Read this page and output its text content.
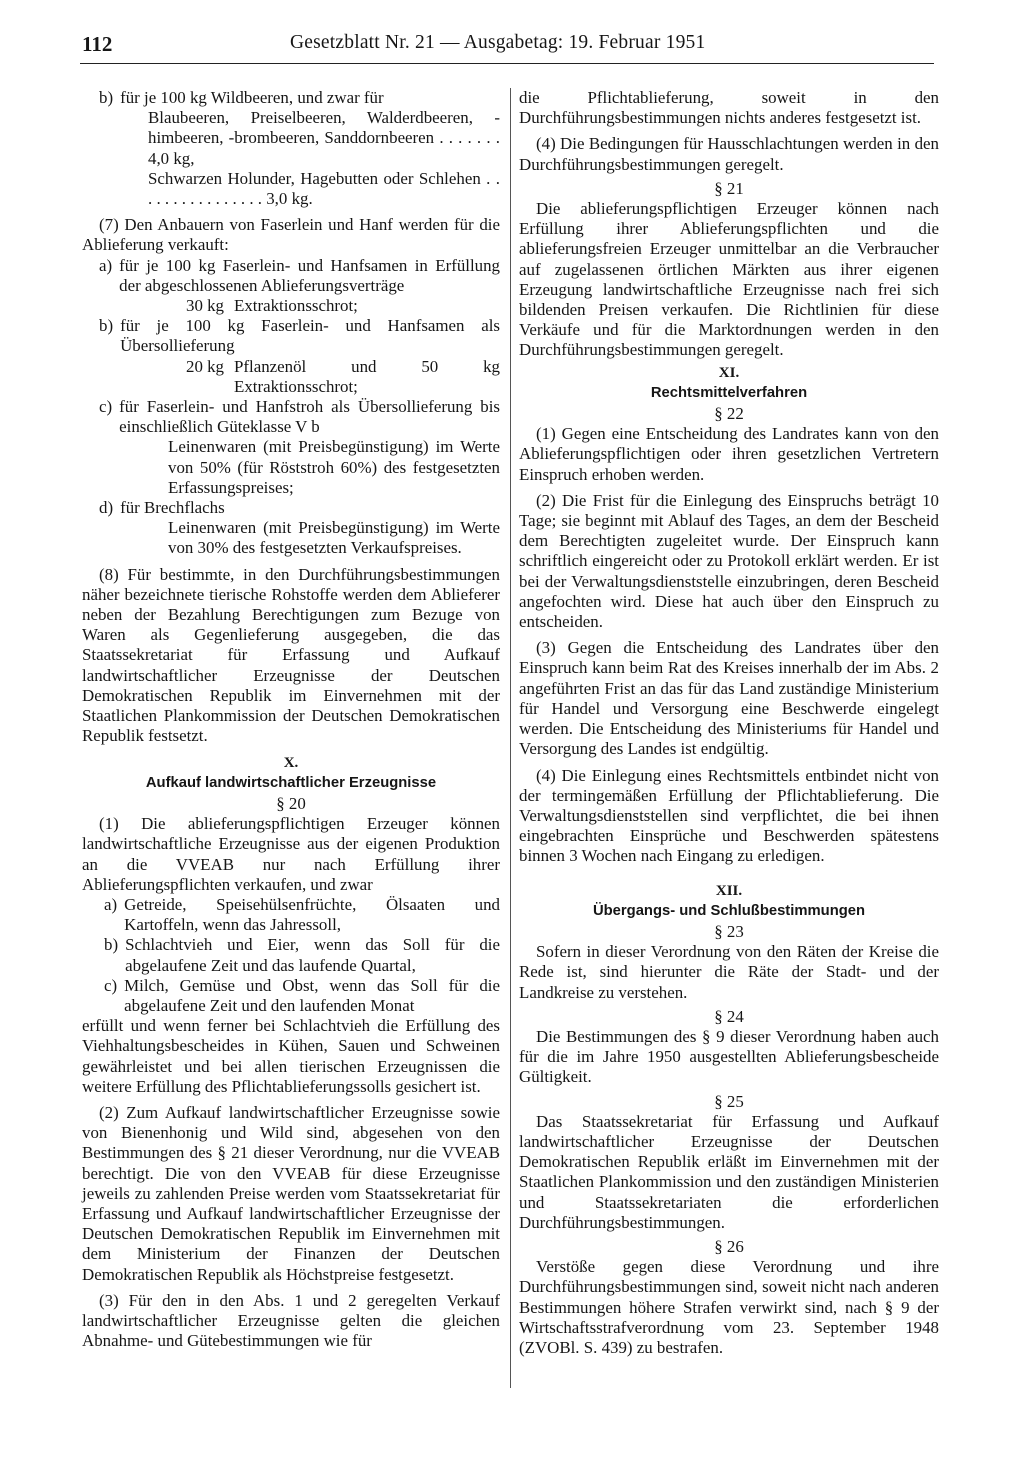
112	Gesetzblatt Nr. 21 — Ausgabetag: 19. Februar 1951
b) für je 100 kg Wildbeeren, und zwar für
Blaubeeren, Preiselbeeren, Walderdbeeren, -himbeeren, -brombeeren, Sanddornbeeren . . . . . . . 4,0 kg,
Schwarzen Holunder, Hagebutten oder Schlehen . . . . . . . . . . . . . . . . 3,0 kg.

(7) Den Anbauern von Faserlein und Hanf werden für die Ablieferung verkauft:

a) für je 100 kg Faserlein- und Hanfsamen in Erfüllung der abgeschlossenen Ablieferungsverträge
30 kg Extraktionsschrot;
b) für je 100 kg Faserlein- und Hanfsamen als Übersollieferung
20 kg Pflanzenöl und 50 kg Extraktionsschrot;
c) für Faserlein- und Hanfstroh als Übersollieferung bis einschließlich Güteklasse V b
Leinenwaren (mit Preisbegünstigung) im Werte von 50% (für Röststroh 60%) des festgesetzten Erfassungspreises;
d) für Brechflachs
Leinenwaren (mit Preisbegünstigung) im Werte von 30% des festgesetzten Verkaufspreises.

(8) Für bestimmte, in den Durchführungsbestimmungen näher bezeichnete tierische Rohstoffe werden dem Ablieferer neben der Bezahlung Berechtigungen zum Bezuge von Waren als Gegenlieferung ausgegeben, die das Staatssekretariat für Erfassung und Aufkauf landwirtschaftlicher Erzeugnisse der Deutschen Demokratischen Republik im Einvernehmen mit der Staatlichen Plankommission der Deutschen Demokratischen Republik festsetzt.

X.
Aufkauf landwirtschaftlicher Erzeugnisse
§ 20

(1) Die ablieferungspflichtigen Erzeuger können landwirtschaftliche Erzeugnisse aus der eigenen Produktion an die VVEAB nur nach Erfüllung ihrer Ablieferungspflichten verkaufen, und zwar

a) Getreide, Speisehülsenfrüchte, Ölsaaten und Kartoffeln, wenn das Jahressoll,
b) Schlachtvieh und Eier, wenn das Soll für die abgelaufene Zeit und das laufende Quartal,
c) Milch, Gemüse und Obst, wenn das Soll für die abgelaufene Zeit und den laufenden Monat

erfüllt und wenn ferner bei Schlachtvieh die Erfüllung des Viehhaltungsbescheides in Kühen, Sauen und Schweinen gewährleistet und bei allen tierischen Erzeugnissen die weitere Erfüllung des Pflichtablieferungssolls gesichert ist.

(2) Zum Aufkauf landwirtschaftlicher Erzeugnisse sowie von Bienenhonig und Wild sind, abgesehen von den Bestimmungen des § 21 dieser Verordnung, nur die VVEAB berechtigt. Die von den VVEAB für diese Erzeugnisse jeweils zu zahlenden Preise werden vom Staatssekretariat für Erfassung und Aufkauf landwirtschaftlicher Erzeugnisse der Deutschen Demokratischen Republik im Einvernehmen mit dem Ministerium der Finanzen der Deutschen Demokratischen Republik als Höchstpreise festgesetzt.

(3) Für den in den Abs. 1 und 2 geregelten Verkauf landwirtschaftlicher Erzeugnisse gelten die gleichen Abnahme- und Gütebestimmungen wie für

die Pflichtablieferung, soweit in den Durchführungsbestimmungen nichts anderes festgesetzt ist.

(4) Die Bedingungen für Hausschlachtungen werden in den Durchführungsbestimmungen geregelt.

§ 21

Die ablieferungspflichtigen Erzeuger können nach Erfüllung ihrer Ablieferungspflichten und die ablieferungsfreien Erzeuger unmittelbar an die Verbraucher auf zugelassenen örtlichen Märkten aus ihrer eigenen Erzeugung landwirtschaftliche Erzeugnisse nach frei sich bildenden Preisen verkaufen. Die Richtlinien für diese Verkäufe und für die Marktordnungen werden in den Durchführungsbestimmungen geregelt.

XI.
Rechtsmittelverfahren
§ 22

(1) Gegen eine Entscheidung des Landrates kann von den Ablieferungspflichtigen oder ihren gesetzlichen Vertretern Einspruch erhoben werden.

(2) Die Frist für die Einlegung des Einspruchs beträgt 10 Tage; sie beginnt mit Ablauf des Tages, an dem der Bescheid dem Berechtigten zugeleitet wurde. Der Einspruch kann schriftlich eingereicht oder zu Protokoll erklärt werden. Er ist bei der Verwaltungsdienststelle einzubringen, deren Bescheid angefochten wird. Diese hat auch über den Einspruch zu entscheiden.

(3) Gegen die Entscheidung des Landrates über den Einspruch kann beim Rat des Kreises innerhalb der im Abs. 2 angeführten Frist an das für das Land zuständige Ministerium für Handel und Versorgung eine Beschwerde eingelegt werden. Die Entscheidung des Ministeriums für Handel und Versorgung des Landes ist endgültig.

(4) Die Einlegung eines Rechtsmittels entbindet nicht von der termingemäßen Erfüllung der Pflichtablieferung. Die Verwaltungsdienststellen sind verpflichtet, die bei ihnen eingebrachten Einsprüche und Beschwerden spätestens binnen 3 Wochen nach Eingang zu erledigen.

XII.
Übergangs- und Schlußbestimmungen
§ 23

Sofern in dieser Verordnung von den Räten der Kreise die Rede ist, sind hierunter die Räte der Stadt- und der Landkreise zu verstehen.

§ 24

Die Bestimmungen des § 9 dieser Verordnung haben auch für die im Jahre 1950 ausgestellten Ablieferungsbescheide Gültigkeit.

§ 25

Das Staatssekretariat für Erfassung und Aufkauf landwirtschaftlicher Erzeugnisse der Deutschen Demokratischen Republik erläßt im Einvernehmen mit der Staatlichen Plankommission und den zuständigen Ministerien und Staatssekretariaten die erforderlichen Durchführungsbestimmungen.

§ 26

Verstöße gegen diese Verordnung und ihre Durchführungsbestimmungen sind, soweit nicht nach anderen Bestimmungen höhere Strafen verwirkt sind, nach § 9 der Wirtschaftsstrafverordnung vom 23. September 1948 (ZVOBl. S. 439) zu bestrafen.
